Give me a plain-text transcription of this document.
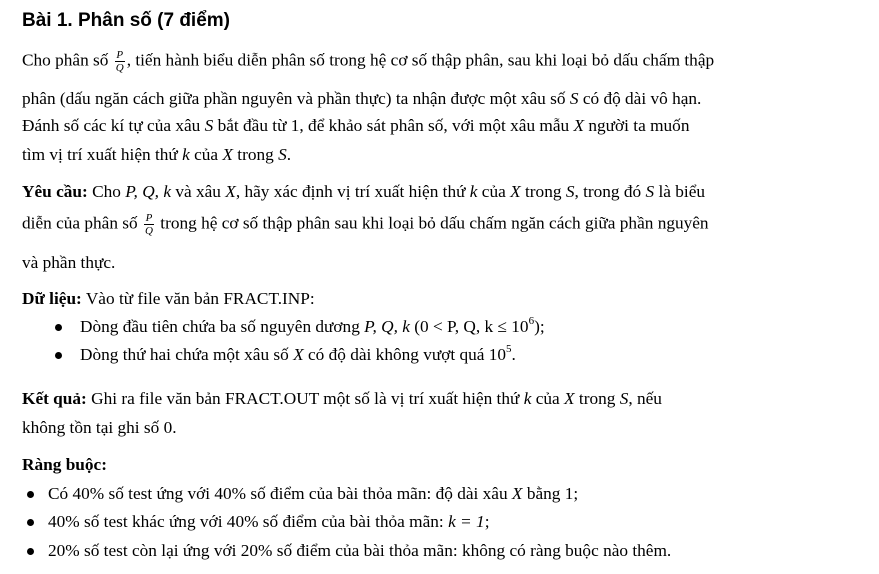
Bài 1. Phân số (7 điểm)
Cho phân số $\frac{P}{Q}$ , tiến hành biểu diễn phân số trong hệ cơ số thập phân, sau khi loại bỏ dấu chấm thập
phân (dấu ngăn cách giữa phần nguyên và phần thực) ta nhận được một xâu số S có độ dài vô hạn.
Đánh số các kí tự của xâu S bắt đầu từ 1, để khảo sát phân số, với một xâu mẫu X người ta muốn
tìm vị trí xuất hiện thứ k của X trong S.
Yêu cầu: Cho P, Q, k và xâu X, hãy xác định vị trí xuất hiện thứ k của X trong S, trong đó S là biểu
diễn của phân số $\frac{P}{Q}$ trong hệ cơ số thập phân sau khi loại bỏ dấu chấm ngăn cách giữa phần nguyên
và phần thực.
Dữ liệu: Vào từ file văn bản FRACT.INP:
Dòng đầu tiên chứa ba số nguyên dương P, Q, k (0 < P, Q, $k \le 10^6$);
Dòng thứ hai chứa một xâu số X có độ dài không vượt quá $10^5$.
Kết quả: Ghi ra file văn bản FRACT.OUT một số là vị trí xuất hiện thứ k của X trong S, nếu
không tồn tại ghi số 0.
Ràng buộc:
Có 40% số test ứng với 40% số điểm của bài thỏa mãn: độ dài xâu X bằng 1;
40% số test khác ứng với 40% số điểm của bài thỏa mãn: k = 1;
20% số test còn lại ứng với 20% số điểm của bài thỏa mãn: không có ràng buộc nào thêm.
